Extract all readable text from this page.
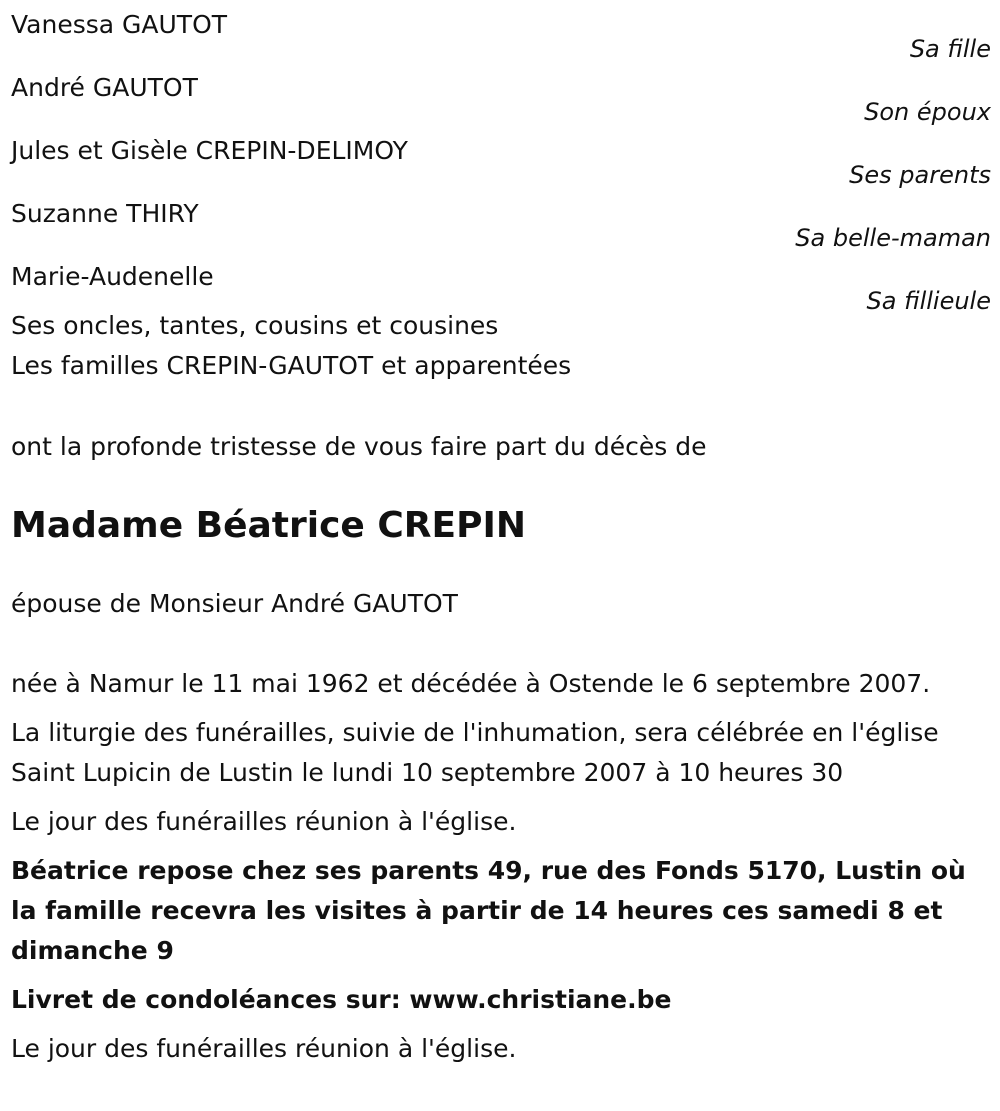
Vanessa GAUTOT
Sa fille
André GAUTOT
Son époux
Jules et Gisèle CREPIN-DELIMOY
Ses parents
Suzanne THIRY
Sa belle-maman
Marie-Audenelle
Sa fillieule
Ses oncles, tantes, cousins et cousines
Les familles CREPIN-GAUTOT et apparentées
ont la profonde tristesse de vous faire part du décès de
Madame Béatrice CREPIN
épouse de Monsieur André GAUTOT
née à Namur le 11 mai 1962 et décédée à Ostende le 6 septembre 2007.
La liturgie des funérailles, suivie de l'inhumation, sera célébrée en l'église Saint Lupicin de Lustin le lundi 10 septembre 2007 à 10 heures 30
Le jour des funérailles réunion à l'église.
Béatrice repose chez ses parents 49, rue des Fonds 5170, Lustin où la famille recevra les visites à partir de 14 heures ces samedi 8 et dimanche 9
Livret de condoléances sur: www.christiane.be
Le jour des funérailles réunion à l'église.
